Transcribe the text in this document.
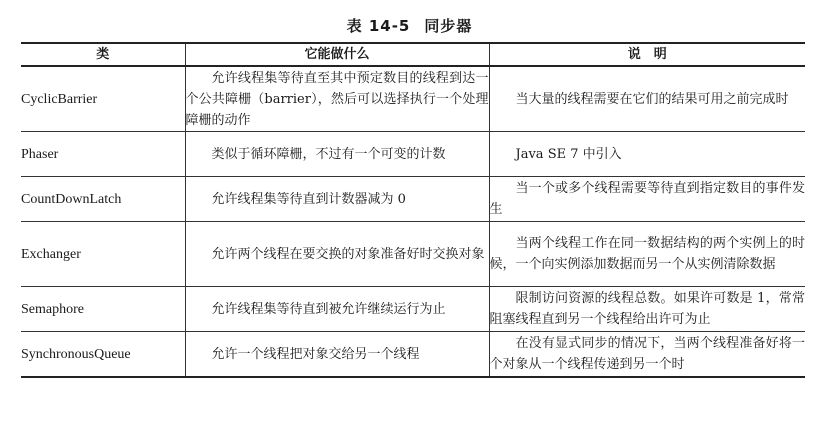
表 14-5 同步器
类	它能做什么	说　明
CyclicBarrier	允许线程集等待直至其中预定数目的线程到达一个公共障栅（barrier），然后可以选择执行一个处理障栅的动作	当大量的线程需要在它们的结果可用之前完成时
Phaser	类似于循环障栅，不过有一个可变的计数	Java SE 7 中引入
CountDownLatch	允许线程集等待直到计数器减为 0	当一个或多个线程需要等待直到指定数目的事件发生
Exchanger	允许两个线程在要交换的对象准备好时交换对象	当两个线程工作在同一数据结构的两个实例上的时候，一个向实例添加数据而另一个从实例清除数据
Semaphore	允许线程集等待直到被允许继续运行为止	限制访问资源的线程总数。如果许可数是 1，常常阻塞线程直到另一个线程给出许可为止
SynchronousQueue	允许一个线程把对象交给另一个线程	在没有显式同步的情况下，当两个线程准备好将一个对象从一个线程传递到另一个时
